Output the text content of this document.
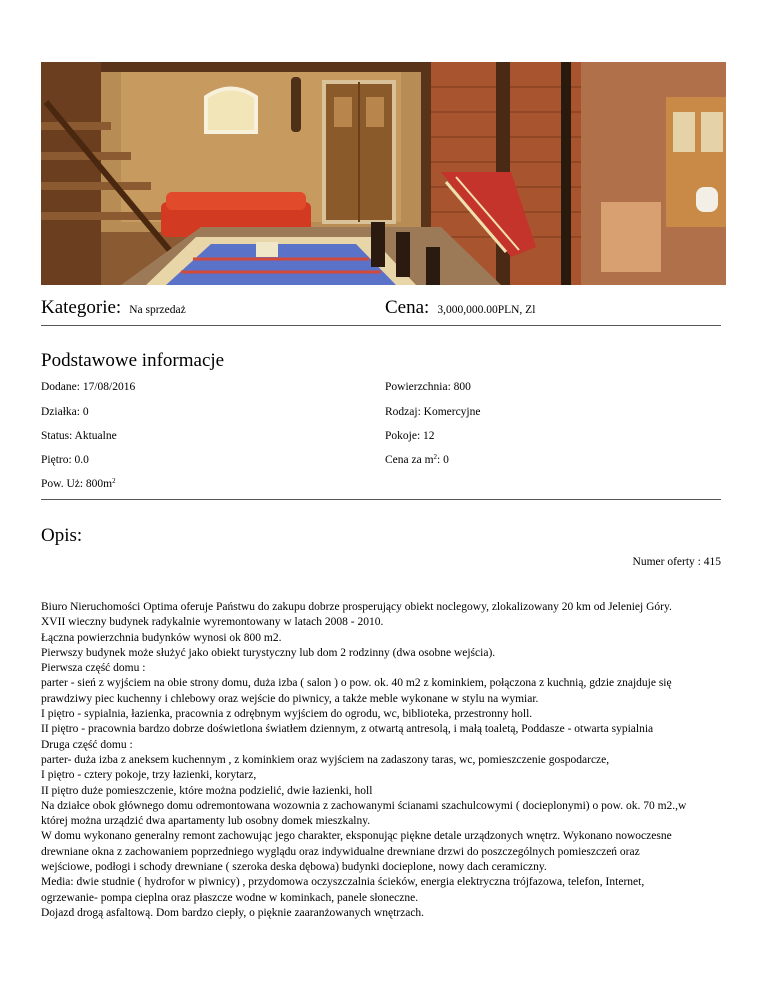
Kategorie: Na sprzedaż	Cena: 3,000,000.00PLN, Zl
Podstawowe informacje
Dodane: 17/08/2016	Powierzchnia: 800
Działka: 0	Rodzaj: Komercyjne
Status: Aktualne	Pokoje: 12
Piętro: 0.0	Cena za $m^2$: 0
Pow. Uż: $800m^2$
Opis:
Numer oferty : 415
Biuro Nieruchomości Optima oferuje Państwu do zakupu dobrze prosperujący obiekt noclegowy, zlokalizowany 20 km od Jeleniej Góry.
XVII wieczny budynek radykalnie wyremontowany w latach 2008 - 2010.
Łączna powierzchnia budynków wynosi ok 800 m2.
Pierwszy budynek może służyć jako obiekt turystyczny lub dom 2 rodzinny (dwa osobne wejścia).
Pierwsza część domu :
parter - sień z wyjściem na obie strony domu, duża izba ( salon ) o pow. ok. 40 m2 z kominkiem, połączona z kuchnią, gdzie znajduje się
prawdziwy piec kuchenny i chlebowy oraz wejście do piwnicy, a także meble wykonane w stylu na wymiar.
I piętro - sypialnia, łazienka, pracownia z odrębnym wyjściem do ogrodu, wc, biblioteka, przestronny holl.
II piętro - pracownia bardzo dobrze doświetlona światłem dziennym, z otwartą antresolą, i małą toaletą, Poddasze - otwarta sypialnia
Druga część domu :
parter- duża izba z aneksem kuchennym , z kominkiem oraz wyjściem na zadaszony taras, wc, pomieszczenie gospodarcze,
I piętro - cztery pokoje, trzy łazienki, korytarz,
II piętro duże pomieszczenie, które można podzielić, dwie łazienki, holl
Na działce obok głównego domu odremontowana wozownia z zachowanymi ścianami szachulcowymi ( docieplonymi) o pow. ok. 70 m2.,w
której można urządzić dwa apartamenty lub osobny domek mieszkalny.
W domu wykonano generalny remont zachowując jego charakter, eksponując piękne detale urządzonych wnętrz. Wykonano nowoczesne
drewniane okna z zachowaniem poprzedniego wyglądu oraz indywidualne drewniane drzwi do poszczególnych pomieszczeń oraz
wejściowe, podłogi i schody drewniane ( szeroka deska dębowa) budynki docieplone, nowy dach ceramiczny.
Media: dwie studnie ( hydrofor w piwnicy) , przydomowa oczyszczalnia ścieków, energia elektryczna trójfazowa, telefon, Internet,
ogrzewanie- pompa cieplna oraz płaszcze wodne w kominkach, panele słoneczne.
Dojazd drogą asfaltową. Dom bardzo ciepły, o pięknie zaaranżowanych wnętrzach.
